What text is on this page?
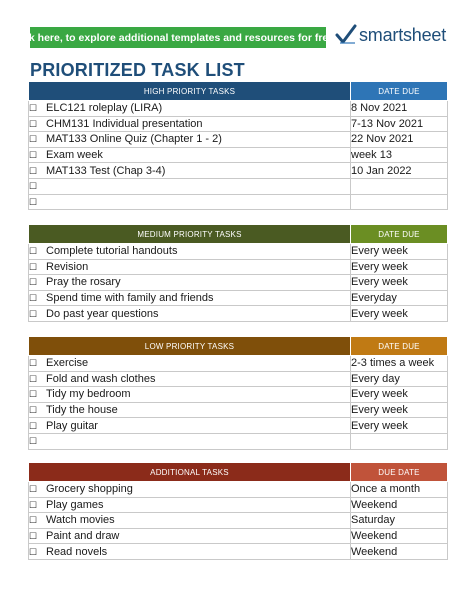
Click here, to explore additional templates and resources for free in smartsheet
PRIORITIZED TASK LIST
HIGH PRIORITY TASKS	DATE DUE
☐ ELC121 roleplay (LIRA)	8 Nov 2021
☐ CHM131 Individual presentation	7-13 Nov 2021
☐ MAT133 Online Quiz (Chapter 1 - 2)	22 Nov 2021
☐ Exam week	week 13
☐ MAT133 Test (Chap 3-4)	10 Jan 2022
☐	
☐	
MEDIUM PRIORITY TASKS	DATE DUE
☐ Complete tutorial handouts	Every week
☐ Revision	Every week
☐ Pray the rosary	Every week
☐ Spend time with family and friends	Everyday
☐ Do past year questions	Every week
LOW PRIORITY TASKS	DATE DUE
☐ Exercise	2-3 times a week
☐ Fold and wash clothes	Every day
☐ Tidy my bedroom	Every week
☐ Tidy the house	Every week
☐ Play guitar	Every week
☐	
ADDITIONAL TASKS	DUE DATE
☐ Grocery shopping	Once a month
☐ Play games	Weekend
☐ Watch movies	Saturday
☐ Paint and draw	Weekend
☐ Read novels	Weekend
